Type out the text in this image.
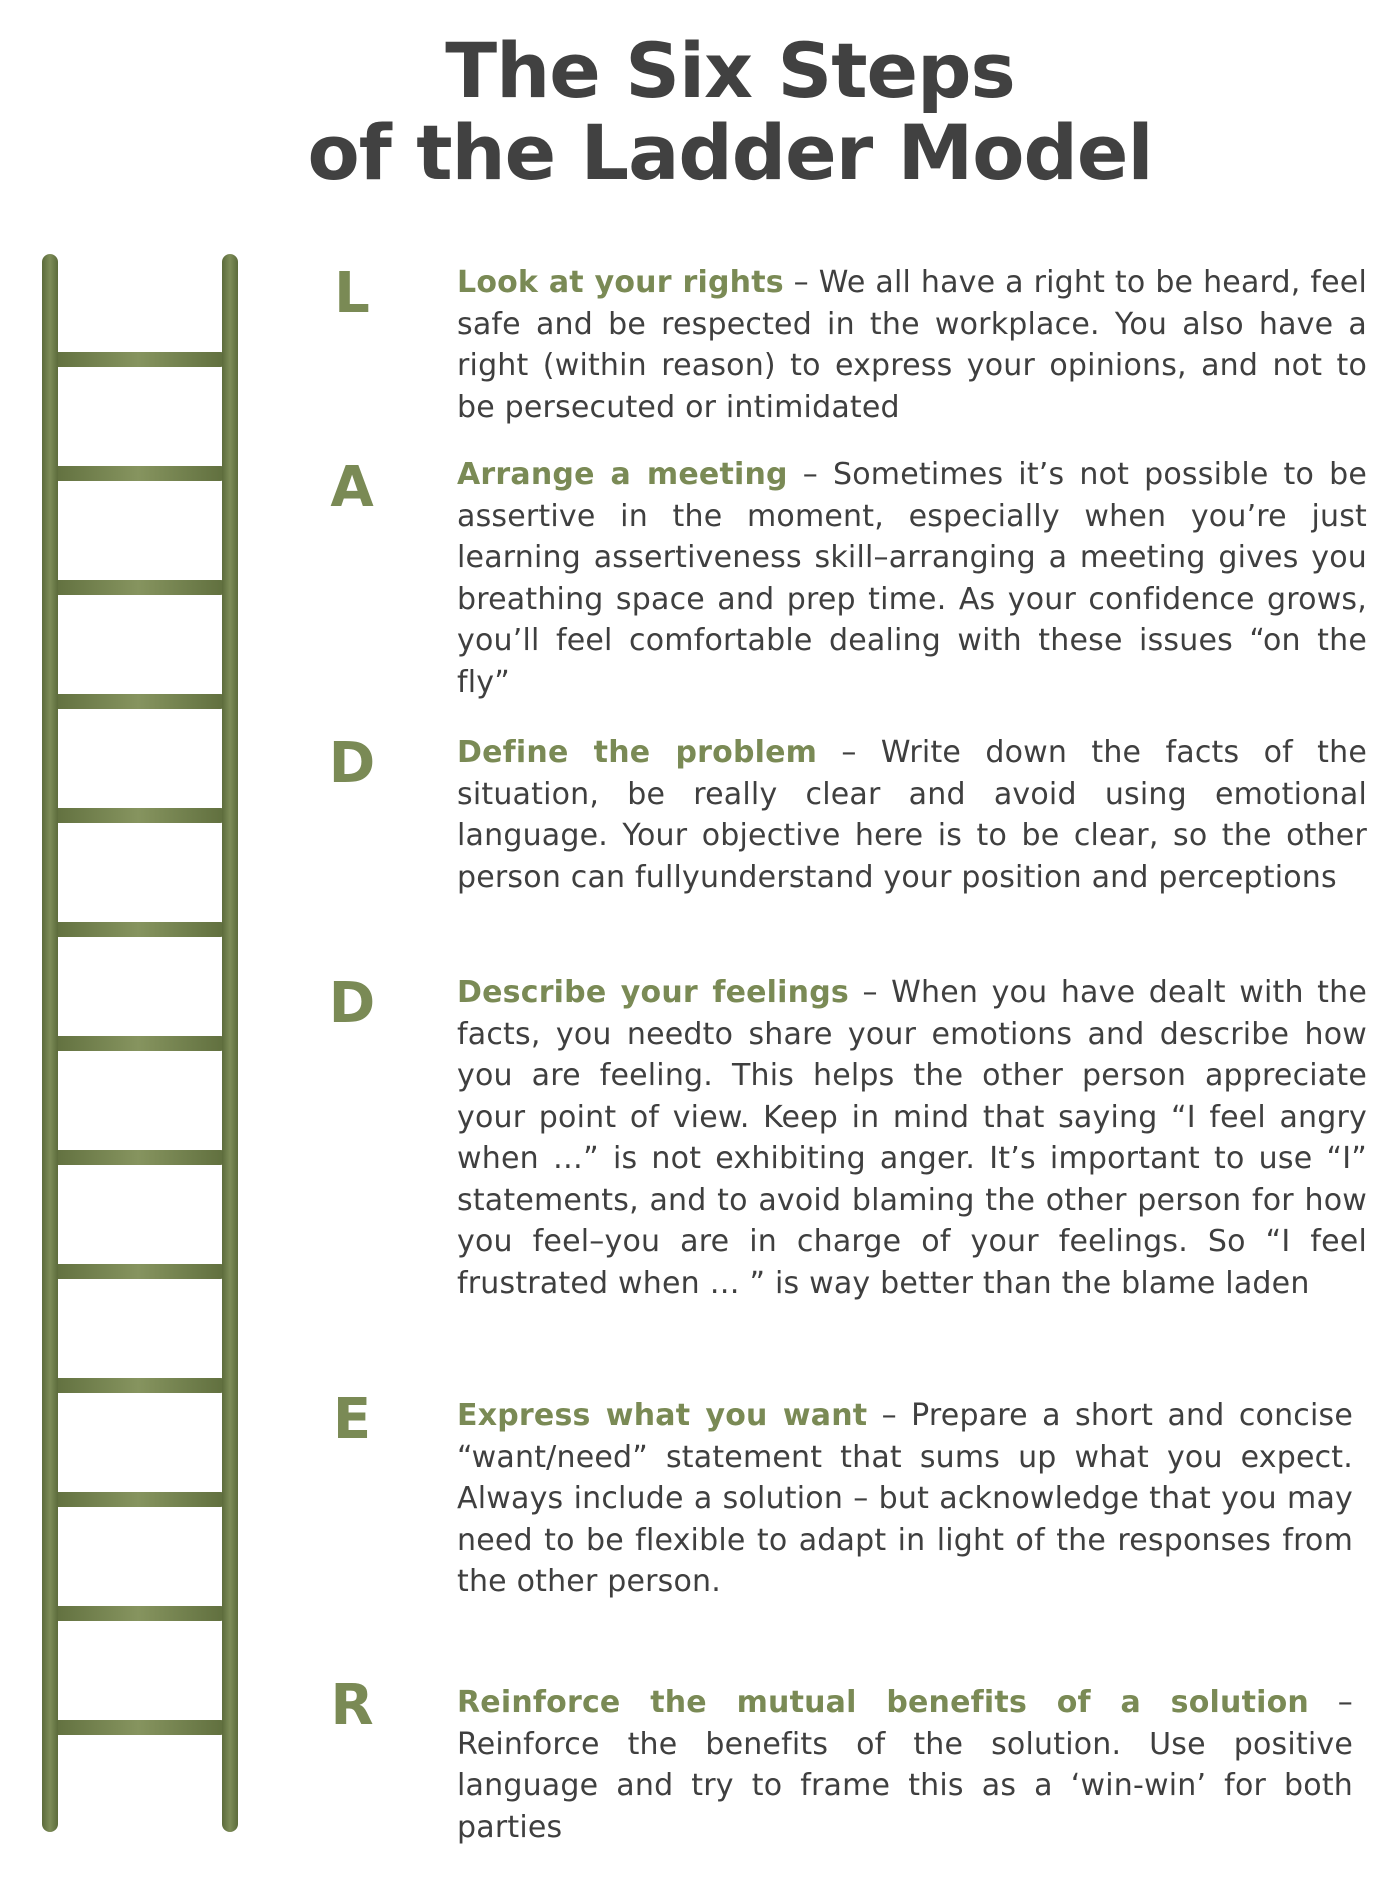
The Six Steps
of the Ladder Model
L	Look at your rights – We all have a right to be heard, feel safe and be respected in the workplace. You also have a right (within reason) to express your opinions, and not to be persecuted or intimidated
A	Arrange a meeting – Sometimes it’s not possible to be assertive in the moment, especially when you’re just learning assertiveness skill–arranging a meeting gives you breathing space and prep time. As your confidence grows, you’ll feel comfortable dealing with these issues “on the fly”
D	Define the problem – Write down the facts of the situation, be really clear and avoid using emotional language. Your objective here is to be clear, so the other person can fullyunderstand your position and perceptions
D	Describe your feelings – When you have dealt with the facts, you needto share your emotions and describe how you are feeling. This helps the other person appreciate your point of view. Keep in mind that saying “I feel angry when …” is not exhibiting anger. It’s important to use “I” statements, and to avoid blaming the other person for how you feel–you are in charge of your feelings. So “I feel frustrated when … ” is way better than the blame laden
E	Express what you want – Prepare a short and concise “want/need” statement that sums up what you expect. Always include a solution – but acknowledge that you may need to be flexible to adapt in light of the responses from the other person.
R	Reinforce the mutual benefits of a solution – Reinforce the benefits of the solution. Use positive language and try to frame this as a ‘win-win’ for both parties
